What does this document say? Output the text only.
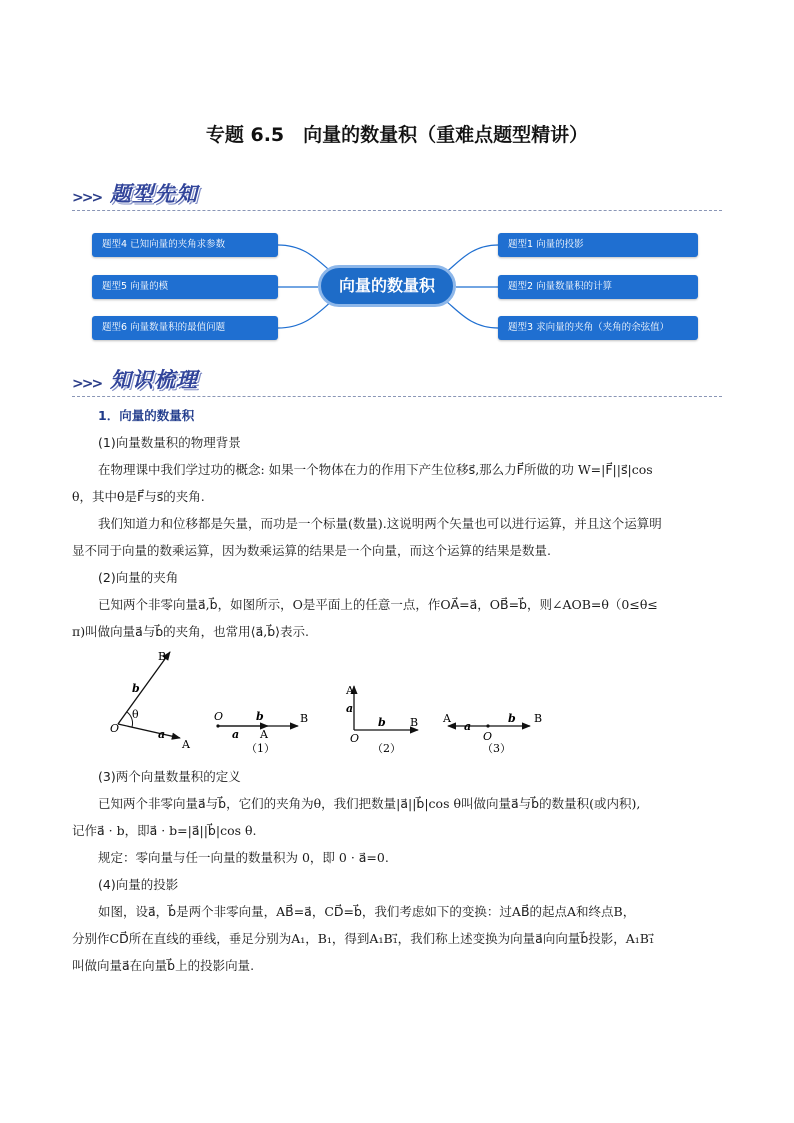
专题 6.5　向量的数量积（重难点题型精讲）
>>> 题型先知
题型4 已知向量的夹角求参数
题型5 向量的模
题型6 向量数量积的最值问题
向量的数量积
题型1 向量的投影
题型2 向量数量积的计算
题型3 求向量的夹角（夹角的余弦值）
>>> 知识梳理

1．向量的数量积

(1)向量数量积的物理背景

在物理课中我们学过功的概念: 如果一个物体在力的作用下产生位移s⃗,那么力F⃗所做的功 W=|F⃗||s⃗|cos

θ，其中θ是F⃗与s⃗的夹角.

我们知道力和位移都是矢量，而功是一个标量(数量).这说明两个矢量也可以进行运算，并且这个运算明

显不同于向量的数乘运算，因为数乘运算的结果是一个向量，而这个运算的结果是数量.

(2)向量的夹角

已知两个非零向量a⃗,b⃗，如图所示，O是平面上的任意一点，作OA⃗=a⃗，OB⃗=b⃗，则∠AOB=θ（0≤θ≤

π)叫做向量a⃗与b⃗的夹角，也常用⟨a⃗,b⃗⟩表示.

B
b
θ
O	a
A
O	b	B
a A
（1）
A
a
b B
O
（2）
A
a
b B
O
（3）

(3)两个向量数量积的定义

已知两个非零向量a⃗与b⃗，它们的夹角为θ，我们把数量|a⃗||b⃗|cos θ叫做向量a⃗与b⃗的数量积(或内积),

记作a⃗ · b，即a⃗ · b=|a⃗||b⃗|cos θ.

规定：零向量与任一向量的数量积为 0，即 0 · a⃗=0.

(4)向量的投影

如图，设a⃗，b⃗是两个非零向量，AB⃗=a⃗，CD⃗=b⃗，我们考虑如下的变换：过AB⃗的起点A和终点B，

分别作CD⃗所在直线的垂线，垂足分别为A₁，B₁，得到A₁B₁⃗，我们称上述变换为向量a⃗向向量b⃗投影，A₁B₁⃗

叫做向量a⃗在向量b⃗上的投影向量.
